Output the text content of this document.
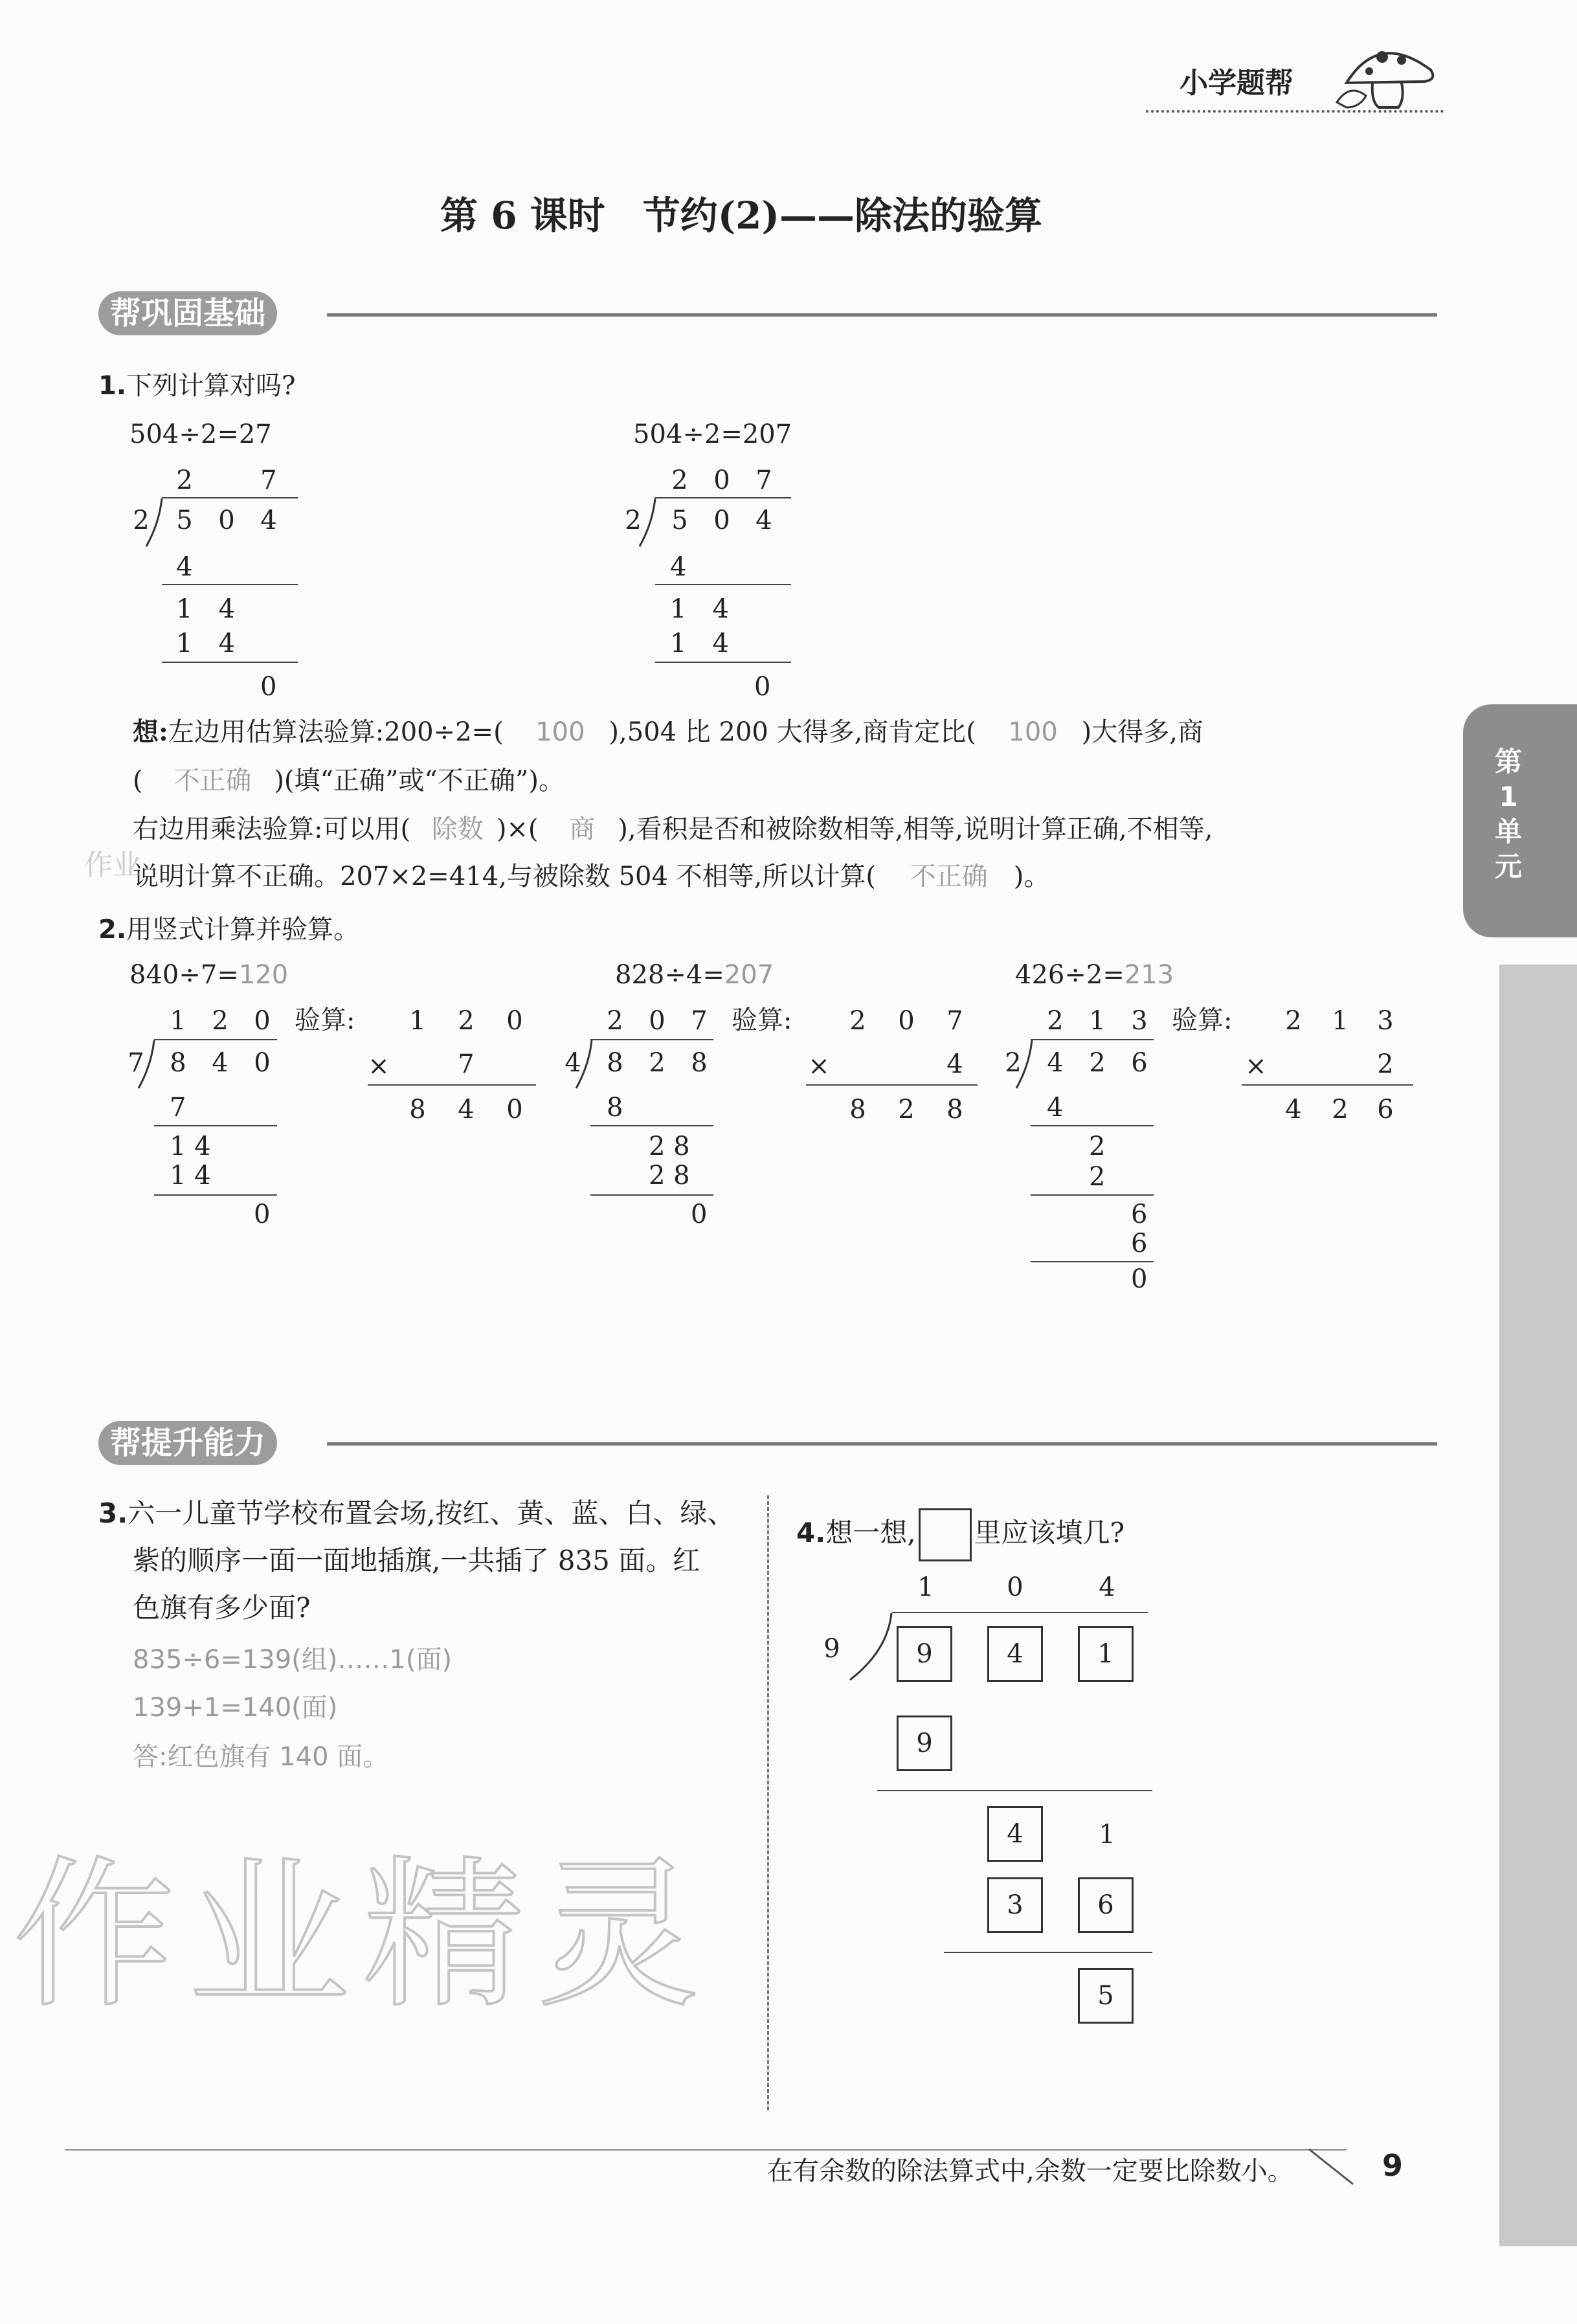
小学题帮
第 6 课时　节约(2)——除法的验算
第
1
单
元
帮巩固基础
1.下列计算对吗?
504÷2=27	504÷2=207
2	7
2 5 0 4
4
1　4
1　4
0
2 0 7
2 5 0 4
4
1　4
1　4
0
想:左边用估算法验算:200÷2=( 100 ),504 比 200 大得多,商肯定比( 100 )大得多,商
( 不正确 )(填“正确”或“不正确”)。
右边用乘法验算:可以用( 除数 )×( 商 ),看积是否和被除数相等,相等,说明计算正确,不相等,
说明计算不正确。207×2=414,与被除数 504 不相等,所以计算( 不正确 )。
作业
2.用竖式计算并验算。
840÷7=120
1 2 0
7 8 4 0
7
1 4
1 4
0
验算: 1 2 0
×	7
8 4 0
828÷4=207
2 0 7
4 8 2 8
8
2 8
2 8
0
验算: 2 0 7
×	4
8 2 8
426÷2=213
2 1 3
2 4 2 6
4
2
2
6
6
0
验算: 2 1 3
×	2
4 2 6
帮提升能力
3.六一儿童节学校布置会场,按红、黄、蓝、白、绿、
紫的顺序一面一面地插旗,一共插了 835 面。红
色旗有多少面?
835÷6=139(组)……1(面)
139+1=140(面)
答:红色旗有 140 面。
作业精灵
4.想一想, 里应该填几?
1	0	4
9	9	4	1
9
4	1
3	6
5
在有余数的除法算式中,余数一定要比除数小。	9
